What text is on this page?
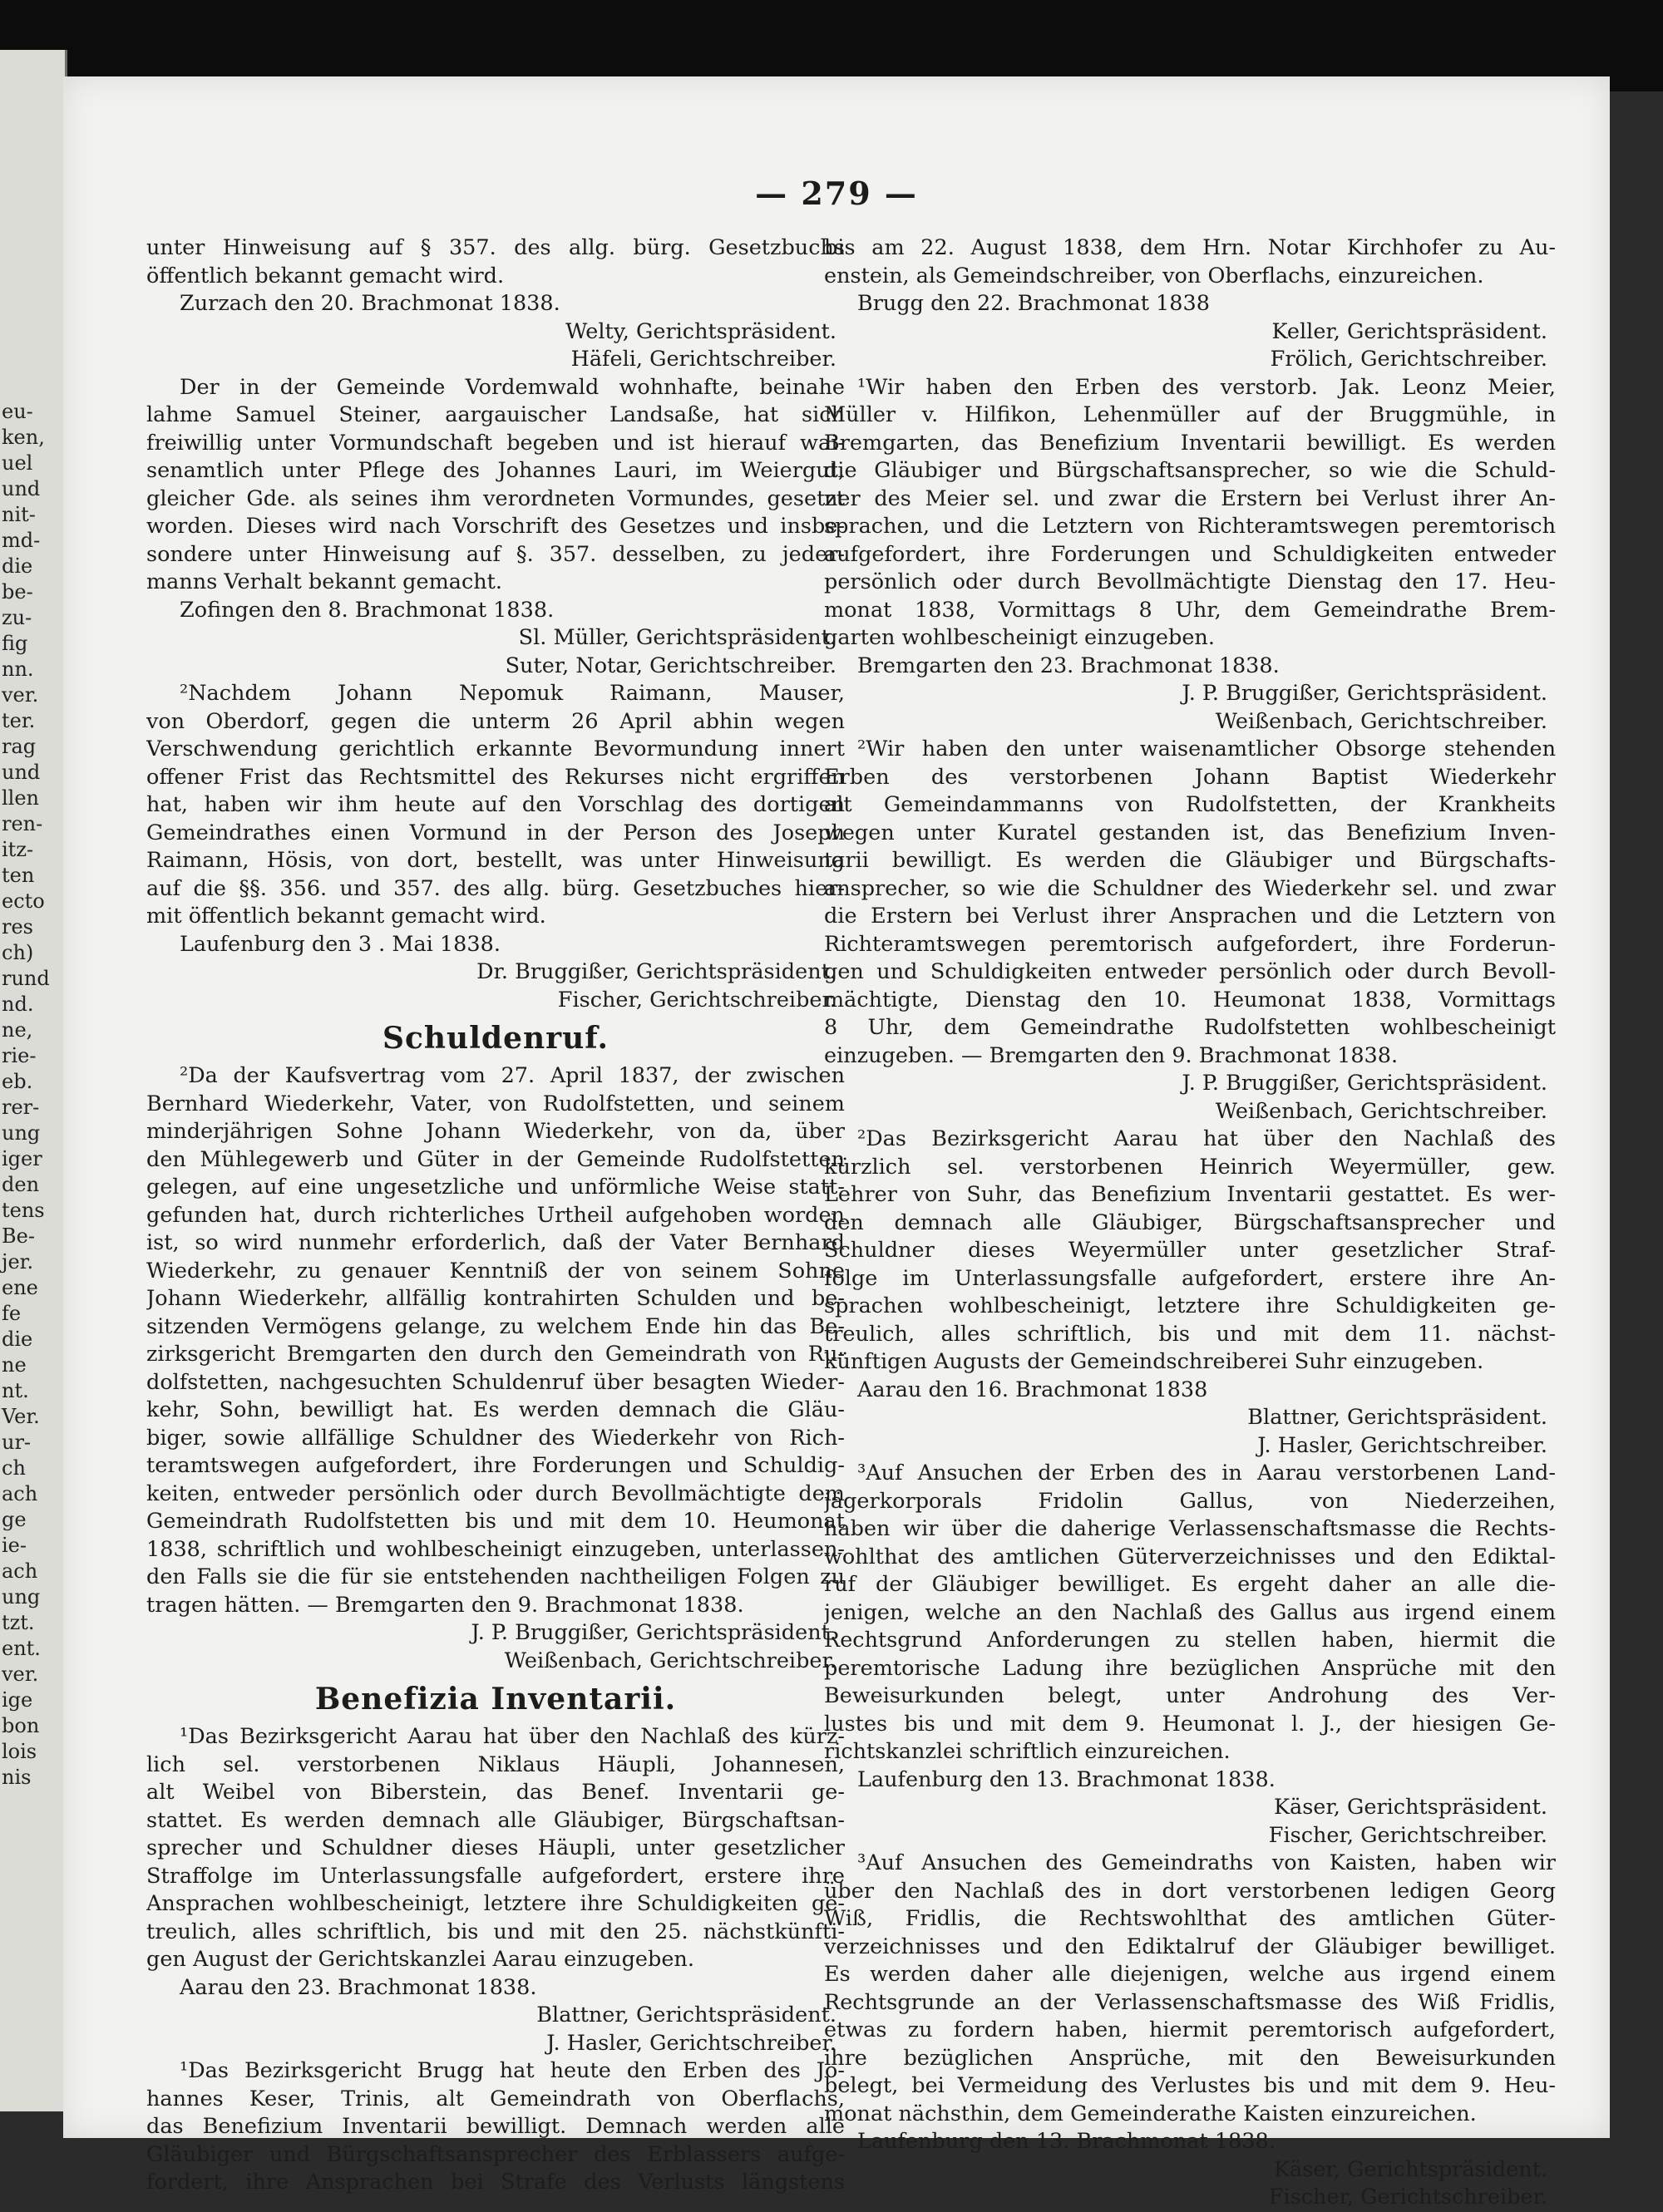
eu-
ken,
uel
und
nit-
md-
die
be-
zu-
fig
nn.
ver.
ter.
rag
und
llen
ren-
itz-
ten
ecto
res
ch)
rund
nd.
ne,
rie-
eb.
rer-
ung
iger
den
tens
Be-
jer.
ene
fe
die
ne
nt.
Ver.
ur-
ch
ach
ge
ie-
ach
ung
tzt.
ent.
ver.
ige
bon
lois
nis
— 279 —
unter Hinweisung auf § 357. des allg. bürg. Gesetzbuchs
öffentlich bekannt gemacht wird.
Zurzach den 20. Brachmonat 1838.
Welty, Gerichtspräsident.
Häfeli, Gerichtschreiber.
Der in der Gemeinde Vordemwald wohnhafte, beinahe
lahme Samuel Steiner, aargauischer Landsaße, hat sich
freiwillig unter Vormundschaft begeben und ist hierauf wai-
senamtlich unter Pflege des Johannes Lauri, im Weiergut,
gleicher Gde. als seines ihm verordneten Vormundes, gesetzt
worden. Dieses wird nach Vorschrift des Gesetzes und insbe-
sondere unter Hinweisung auf §. 357. desselben, zu jeder-
manns Verhalt bekannt gemacht.
Zofingen den 8. Brachmonat 1838.
Sl. Müller, Gerichtspräsident.
Suter, Notar, Gerichtschreiber.
²Nachdem Johann Nepomuk Raimann, Mauser,
von Oberdorf, gegen die unterm 26 April abhin wegen
Verschwendung gerichtlich erkannte Bevormundung innert
offener Frist das Rechtsmittel des Rekurses nicht ergriffen
hat, haben wir ihm heute auf den Vorschlag des dortigen
Gemeindrathes einen Vormund in der Person des Joseph
Raimann, Hösis, von dort, bestellt, was unter Hinweisung
auf die §§. 356. und 357. des allg. bürg. Gesetzbuches hier-
mit öffentlich bekannt gemacht wird.
Laufenburg den 3 . Mai 1838.
Dr. Bruggißer, Gerichtspräsident.
Fischer, Gerichtschreiber.
Schuldenruf.
²Da der Kaufsvertrag vom 27. April 1837, der zwischen
Bernhard Wiederkehr, Vater, von Rudolfstetten, und seinem
minderjährigen Sohne Johann Wiederkehr, von da, über
den Mühlegewerb und Güter in der Gemeinde Rudolfstetten
gelegen, auf eine ungesetzliche und unförmliche Weise statt-
gefunden hat, durch richterliches Urtheil aufgehoben worden
ist, so wird nunmehr erforderlich, daß der Vater Bernhard
Wiederkehr, zu genauer Kenntniß der von seinem Sohne
Johann Wiederkehr, allfällig kontrahirten Schulden und be-
sitzenden Vermögens gelange, zu welchem Ende hin das Be-
zirksgericht Bremgarten den durch den Gemeindrath von Ru-
dolfstetten, nachgesuchten Schuldenruf über besagten Wieder-
kehr, Sohn, bewilligt hat. Es werden demnach die Gläu-
biger, sowie allfällige Schuldner des Wiederkehr von Rich-
teramtswegen aufgefordert, ihre Forderungen und Schuldig-
keiten, entweder persönlich oder durch Bevollmächtigte dem
Gemeindrath Rudolfstetten bis und mit dem 10. Heumonat
1838, schriftlich und wohlbescheinigt einzugeben, unterlassen-
den Falls sie die für sie entstehenden nachtheiligen Folgen zu
tragen hätten. — Bremgarten den 9. Brachmonat 1838.
J. P. Bruggißer, Gerichtspräsident.
Weißenbach, Gerichtschreiber.
Benefizia Inventarii.
¹Das Bezirksgericht Aarau hat über den Nachlaß des kürz-
lich sel. verstorbenen Niklaus Häupli, Johannesen,
alt Weibel von Biberstein, das Benef. Inventarii ge-
stattet. Es werden demnach alle Gläubiger, Bürgschaftsan-
sprecher und Schuldner dieses Häupli, unter gesetzlicher
Straffolge im Unterlassungsfalle aufgefordert, erstere ihre
Ansprachen wohlbescheinigt, letztere ihre Schuldigkeiten ge-
treulich, alles schriftlich, bis und mit den 25. nächstkünfti-
gen August der Gerichtskanzlei Aarau einzugeben.
Aarau den 23. Brachmonat 1838.
Blattner, Gerichtspräsident.
J. Hasler, Gerichtschreiber.
¹Das Bezirksgericht Brugg hat heute den Erben des Jo-
hannes Keser, Trinis, alt Gemeindrath von Oberflachs,
das Benefizium Inventarii bewilligt. Demnach werden alle
Gläubiger und Bürgschaftsansprecher des Erblassers aufge-
fordert, ihre Ansprachen bei Strafe des Verlusts längstens
bis am 22. August 1838, dem Hrn. Notar Kirchhofer zu Au-
enstein, als Gemeindschreiber, von Oberflachs, einzureichen.
Brugg den 22. Brachmonat 1838
Keller, Gerichtspräsident.
Frölich, Gerichtschreiber.
¹Wir haben den Erben des verstorb. Jak. Leonz Meier,
Müller v. Hilfikon, Lehenmüller auf der Bruggmühle, in
Bremgarten, das Benefizium Inventarii bewilligt. Es werden
die Gläubiger und Bürgschaftsansprecher, so wie die Schuld-
ner des Meier sel. und zwar die Erstern bei Verlust ihrer An-
sprachen, und die Letztern von Richteramtswegen peremtorisch
aufgefordert, ihre Forderungen und Schuldigkeiten entweder
persönlich oder durch Bevollmächtigte Dienstag den 17. Heu-
monat 1838, Vormittags 8 Uhr, dem Gemeindrathe Brem-
garten wohlbescheinigt einzugeben.
Bremgarten den 23. Brachmonat 1838.
J. P. Bruggißer, Gerichtspräsident.
Weißenbach, Gerichtschreiber.
²Wir haben den unter waisenamtlicher Obsorge stehenden
Erben des verstorbenen Johann Baptist Wiederkehr
alt Gemeindammanns von Rudolfstetten, der Krankheits
wegen unter Kuratel gestanden ist, das Benefizium Inven-
tarii bewilligt. Es werden die Gläubiger und Bürgschafts-
ansprecher, so wie die Schuldner des Wiederkehr sel. und zwar
die Erstern bei Verlust ihrer Ansprachen und die Letztern von
Richteramtswegen peremtorisch aufgefordert, ihre Forderun-
gen und Schuldigkeiten entweder persönlich oder durch Bevoll-
mächtigte, Dienstag den 10. Heumonat 1838, Vormittags
8 Uhr, dem Gemeindrathe Rudolfstetten wohlbescheinigt
einzugeben. — Bremgarten den 9. Brachmonat 1838.
J. P. Bruggißer, Gerichtspräsident.
Weißenbach, Gerichtschreiber.
²Das Bezirksgericht Aarau hat über den Nachlaß des
kürzlich sel. verstorbenen Heinrich Weyermüller, gew.
Lehrer von Suhr, das Benefizium Inventarii gestattet. Es wer-
den demnach alle Gläubiger, Bürgschaftsansprecher und
Schuldner dieses Weyermüller unter gesetzlicher Straf-
folge im Unterlassungsfalle aufgefordert, erstere ihre An-
sprachen wohlbescheinigt, letztere ihre Schuldigkeiten ge-
treulich, alles schriftlich, bis und mit dem 11. nächst-
künftigen Augusts der Gemeindschreiberei Suhr einzugeben.
Aarau den 16. Brachmonat 1838
Blattner, Gerichtspräsident.
J. Hasler, Gerichtschreiber.
³Auf Ansuchen der Erben des in Aarau verstorbenen Land-
jägerkorporals Fridolin Gallus, von Niederzeihen,
haben wir über die daherige Verlassenschaftsmasse die Rechts-
wohlthat des amtlichen Güterverzeichnisses und den Ediktal-
ruf der Gläubiger bewilliget. Es ergeht daher an alle die-
jenigen, welche an den Nachlaß des Gallus aus irgend einem
Rechtsgrund Anforderungen zu stellen haben, hiermit die
peremtorische Ladung ihre bezüglichen Ansprüche mit den
Beweisurkunden belegt, unter Androhung des Ver-
lustes bis und mit dem 9. Heumonat l. J., der hiesigen Ge-
richtskanzlei schriftlich einzureichen.
Laufenburg den 13. Brachmonat 1838.
Käser, Gerichtspräsident.
Fischer, Gerichtschreiber.
³Auf Ansuchen des Gemeindraths von Kaisten, haben wir
über den Nachlaß des in dort verstorbenen ledigen Georg
Wiß, Fridlis, die Rechtswohlthat des amtlichen Güter-
verzeichnisses und den Ediktalruf der Gläubiger bewilliget.
Es werden daher alle diejenigen, welche aus irgend einem
Rechtsgrunde an der Verlassenschaftsmasse des Wiß Fridlis,
etwas zu fordern haben, hiermit peremtorisch aufgefordert,
ihre bezüglichen Ansprüche, mit den Beweisurkunden
belegt, bei Vermeidung des Verlustes bis und mit dem 9. Heu-
monat nächsthin, dem Gemeinderathe Kaisten einzureichen.
Laufenburg den 13. Brachmonat 1838.
Käser, Gerichtspräsident.
Fischer, Gerichtschreiber.
